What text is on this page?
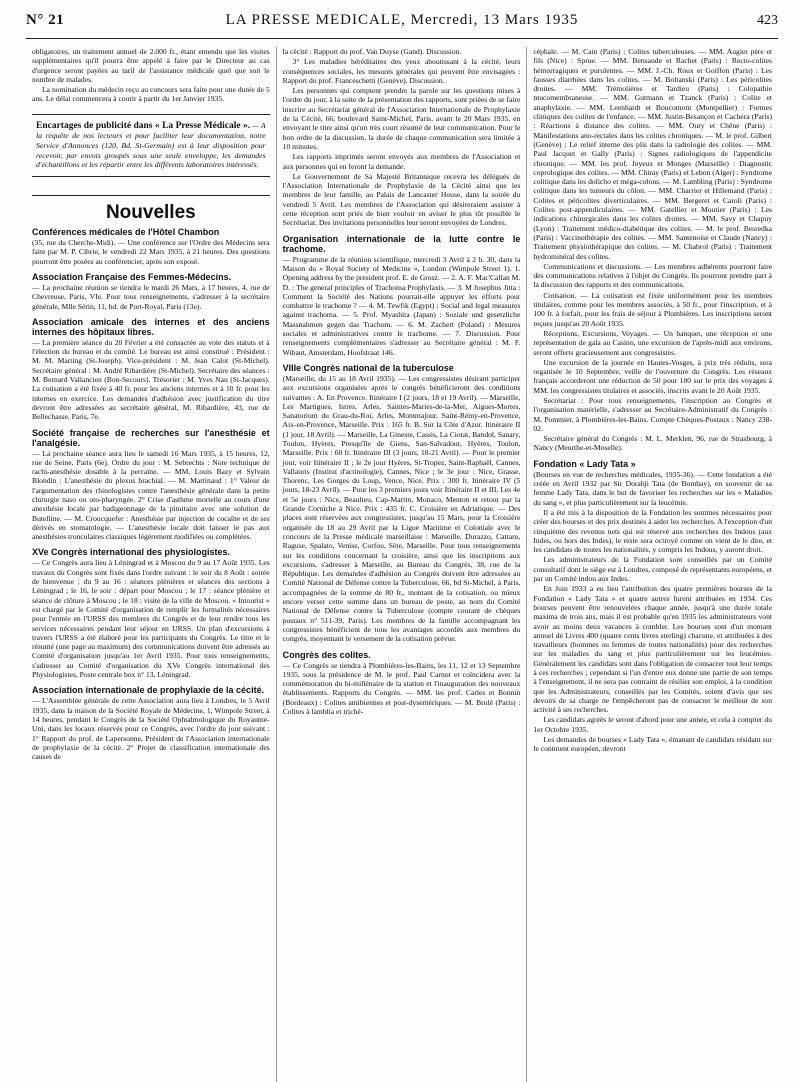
N° 21	LA PRESSE MEDICALE, Mercredi, 13 Mars 1935	423

obligatoires, un traitement annuel de 2.000 fr., étant entendu que les visites supplémentaires qu'il pourra être appelé à faire par le Directeur au cas d'urgence seront payées au tarif de l'assistance médicale quel que soit le nombre de malades.

La nomination du médecin reçu au concours sera faite pour une durée de 5 ans. Le délai commencera à courir à partir du 1er Janvier 1935.

Encartages de publicité dans « La Presse Médicale ». — A la requête de nos lecteurs et pour faciliter leur documentation, notre Service d'Annonces (120, Bd. St-Germain) est à leur disposition pour recevoir, par envois groupés sous une seule enveloppe, les demandes d'échantillons et les répartir entre les différents laboratoires intéressés.
Nouvelles
Conférences médicales de l'Hôtel Chambon

(35, rue du Cherche-Midi). — Une conférence sur l'Ordre des Médecins sera faite par M. P. Cibrie, le vendredi 22 Mars 1935, à 21 heures. Des questions pourront être posées au conférencier, après son exposé.

Association Française des Femmes-Médecins.

— La prochaine réunion se tiendra le mardi 26 Mars, à 17 heures, 4, rue de Chevreuse, Paris, VIe. Pour tous renseignements, s'adresser à la secrétaire générale, Mlle Sérin, 11, bd. de Port-Royal, Paris (13e).

Association amicale des internes et des anciens internes des hôpitaux libres.

— La première séance du 20 Février a été consacrée au vote des statuts et à l'élection du bureau et du comité. Le bureau est ainsi constitué : Président : M. M. Marting (St-Joseph). Vice-président : M. Jean Calot (St-Michel). Secrétaire général : M. André Ribardière (St-Michel). Secrétaire des séances : M. Bernard Vallancien (Bon-Secours). Trésorier : M. Yves Nau (St-Jacques). La cotisation a été fixée à 40 fr. pour les anciens internes et à 10 fr. pour les internes en exercice. Les demandes d'adhésion avec justification du titre devront être adressées au secrétaire général, M. Ribardière, 43, rue de Bellechasse, Paris, 7e.

Société française de recherches sur l'anesthésie et l'analgésie.

— La prochaine séance aura lieu le samedi 16 Mars 1935, à 15 heures, 12, rue de Seine, Paris (6e). Ordre du jour : M. Sebrechts : Note technique de rachi-anesthésie dosable à la percaïne. — MM. Louis Bazy et Sylvain Blondin : L'anesthésie du plexus brachial. — M. Martinaud : 1° Valeur de l'argumentation des rhinologistes contre l'anesthésie générale dans la petite chirurgie naso ou oto-pharyngée. 2° Crise d'asthme mortelle au cours d'une anesthésie locale par badigeonnage de la pituitaire avec une solution de Butelline. — M. Croucquefer : Anesthésie par injection de cocaïne et de ses dérivés en stomatologie. — L'anesthésie locale doit laisser le pas aux anesthésies tronculaires classiques légèrement modifiées ou complétées.

XVe Congrès international des physiologistes.

— Ce Congrès aura lieu à Léningrad et à Moscou du 9 au 17 Août 1935. Les travaux du Congrès sont fixés dans l'ordre suivant : le soir du 8 Août : soirée de bienvenue ; du 9 au 16 : séances plénières et séances des sections à Léningrad ; le 16, le soir : départ pour Moscou ; le 17 : séance plénière et séance de clôture à Moscou ; le 18 : visite de la ville de Moscou. « Intourist » est chargé par le Comité d'organisation de remplir les formalités nécessaires pour l'entrée en l'URSS des membres du Congrès et de leur rendre tous les services nécessaires pendant leur séjour en URSS. Un plan d'excursions à travers l'URSS a été élaboré pour les participants du Congrès. Le titre et le résumé (une page au maximum) des communications doivent être adressés au Comité d'organisation jusqu'au 1er Avril 1935. Pour tous renseignements, s'adresser au Comité d'organisation du XVe Congrès international des Physiologistes, Poste centrale box n° 13, Léningrad.

Association internationale de prophylaxie de la cécité.

— L'Assemblée générale de cette Association aura lieu à Londres, le 5 Avril 1935, dans la maison de la Société Royale de Médecine, 1, Wimpole Street, à 14 heures, pendant le Congrès de la Société Ophtalmologique du Royaume-Uni, dans les locaux réservés pour ce Congrès, avec l'ordre du jour suivant : 1° Rapport du prof. de Lapersonne, Président de l'Association internationale de prophylaxie de la cécité. 2° Projet de classification internationale des causes de

la cécité : Rapport du prof. Van Duyse (Gand). Discussion.

3° Les maladies héréditaires des yeux aboutissant à la cécité, leurs conséquences sociales, les mesures générales qui peuvent être envisagées : Rapport du prof. Franceschetti (Genève). Discussion.

Les personnes qui comptent prendre la parole sur les questions mises à l'ordre du jour, à la suite de la présentation des rapports, sont priées de se faire inscrire au Secrétariat général de l'Association Internationale de Prophylaxie de la Cécité, 66, boulevard Saint-Michel, Paris, avant le 20 Mars 1935, en envoyant le titre ainsi qu'un très court résumé de leur communication. Pour le bon ordre de la discussion, la durée de chaque communication sera limitée à 10 minutes.

Les rapports imprimés seront envoyés aux membres de l'Association et aux personnes qui en feront la demande.

Le Gouvernement de Sa Majesté Britannique recevra les délégués de l'Association Internationale de Prophylaxie de la Cécité ainsi que les membres de leur famille, au Palais de Lancaster House, dans la soirée du vendredi 5 Avril. Les membres de l'Association qui désireraient assister à cette réception sont priés de bien vouloir en aviser le plus tôt possible le Secrétariat. Des invitations personnelles leur seront envoyées de Londres.

Organisation internationale de la lutte contre le trachome.

— Programme de la réunion scientifique, mercredi 3 Avril à 2 h. 30, dans la Maison du « Royal Society of Medicine », London (Wimpole Street 1). 1. Opening address by the president prof. E. de Grosz. — 2. A. F. Mac'Callan M. D. : The general principles of Trachoma Prophylaxis. — 3. M Josephus Jitta : Comment la Société des Nations pourrait-elle appuyer les efforts pour combattre le trachome ? — 4. M. Tewfik (Egypt) : Social and legal measures against trachoma. — 5. Prof. Myashita (Japan) : Soziale und gesetzliche Massnahmen gegen das Trachom. — 6. M. Zachert (Poland) : Mesures sociales et administratives contre le trachome. — 7. Discussion. Pour renseignements complémentaires s'adresser au Secrétaire général : M. F. Wibaut, Amsterdam, Hoofstraat 146.

VIIIe Congrès national de la tuberculose

(Marseille, du 15 au 18 Avril 1935). — Les congressistes désirant participer aux excursions organisées après le congrès bénéficieront des conditions suivantes : A. En Provence. Itinéraire I (2 jours, 18 et 19 Avril). — Marseille, Les Martigues, Istres, Arles, Saintes-Maries-de-la-Mer, Aigues-Mortes, Sanatorium du Grau-du-Roi, Arles, Montmajour, Saint-Rémy-en-Provence, Aix-en-Provence, Marseille. Prix : 165 fr. B. Sur la Côte d'Azur. Itinéraire II (1 jour, 18 Avril). — Marseille, La Gineste, Cassis, La Ciotat, Bandol, Sanary, Toulon, Hyères, Presqu'île de Giens, San-Salvadour, Hyères, Toulon, Marseille. Prix : 60 fr. Itinéraire III (3 jours, 18-21 Avril). — Pour le premier jour, voir Itinéraire II ; le 2e jour Hyères, St-Tropez, Saint-Raphaël, Cannes, Vallauris (Institut d'actinologie), Cannes, Nice ; le 3e jour : Nice, Grasse, Thorenc, Les Gorges du Loup, Vence, Nice. Prix : 300 fr. Itinéraire IV (5 jours, 18-23 Avril). — Pour les 3 premiers jours voir Itinéraire II et III. Les 4e et 5e jours : Nice, Beaulieu, Cap-Martin, Monaco, Menton et retour par la Grande Corniche à Nice. Prix : 435 fr. C. Croisière en Adriatique. — Des places sont réservées aux congressistes, jusqu'au 15 Mars, pour la Croisière organisée du 18 au 29 Avril par la Ligue Maritime et Coloniale avec le concours de la Presse médicale marseillaise : Marseille, Durazzo, Cattaro, Raguse, Spalato, Venise, Corfou, Sète, Marseille. Pour tous renseignements sur les conditions concernant la croisière, ainsi que les inscriptions aux excursions, s'adresser à Marseille, au Bureau du Congrès, 38, rue de la République. Les demandes d'adhésion au Congrès doivent être adressées au Comité National de Défense contre la Tuberculose, 66, bd St-Michel, à Paris, accompagnées de la somme de 80 fr., montant de la cotisation, ou mieux encore verser cette somme dans un bureau de poste, au nom du Comité National de Défense contre la Tuberculose (compte courant de chèques postaux n° 511-39, Paris). Les membres de la famille accompagnant les congressistes bénéficient de tous les avantages accordés aux membres du congrès, moyennant le versement de la cotisation prévue.

Congrès des colites.

— Ce Congrès se tiendra à Plombières-les-Bains, les 11, 12 et 13 Septembre 1935, sous la présidence de M. le prof. Paul Carnot et coïncidera avec la commémoration du bi-millénaire de la station et l'inauguration des nouveaux établissements. Rapports du Congrès. — MM. les prof. Carles et Bonnin (Bordeaux) : Colites amibiennes et post-dysentériques. — M. Brulé (Paris) : Colites à lamblia et triché-

céphale. — M. Cain (Paris) : Colites tuberculeuses. — MM. Augier père et fils (Nice) : Sprue. — MM. Bensaude et Rachet (Paris) : Recto-colites hémorragiques et purulentes. — MM. J.-Ch. Roux et Goiffon (Paris) : Les fausses diarrhées dans les colites. — M. Boltanski (Paris) : Les péricolites droites. — MM. Trémolières et Tardieu (Paris) : Colopathie mucomembraneuse. — MM. Gutmann et Tzanck (Paris) : Colite et anaphylaxie. — MM. Leenhardt et Boucomont (Montpellier) : Formes cliniques des colites de l'enfance. — MM. Justin-Besançon et Cachera (Paris) : Réactions à distance des colites. — MM. Oury et Chêne (Paris) : Manifestations ano-rectales dans les colites chroniques. — M. le prof. Gilbert (Genève) : Le relief interne des plis dans la radiologie des colites. — MM. Paul Jacquet et Gally (Paris) : Signes radiologiques de l'appendicite chronique. — MM. les prof. Joyeux et Monges (Marseille) : Diagnostic coprologique des colites. — MM. Chiray (Paris) et Lebon (Alger) : Syndrome colitique dans les dolicho et méga-colons. — M. Lambling (Paris) : Syndrome colitique dans les tumeurs du côlon. — MM. Charrier et Hillemand (Paris) : Colites et péricolites diverticulaires. — MM. Bergeret et Caroli (Paris) : Colites post-appendiculaires. — MM. Gatellier et Moutier (Paris) : Les indications chirurgicales dans les colites droites. — MM. Savy et Chapuy (Lyon) : Traitement médico-diabétique des colites. — M. le prof. Besredka (Paris) : Vaccinothérapie des colites. — MM. Santenoise et Claude (Nancy) : Traitement physiothérapique des colites. — M. Chabrol (Paris) : Traitement hydrominéral des colites.

Communications et discussions. — Les membres adhérents pourront faire des communications relatives à l'objet du Congrès. Ils pourront prendre part à la discussion des rapports et des communications.

Cotisation. — La cotisation est fixée uniformément pour les membres titulaires, comme pour les membres associés, à 50 fr., pour l'inscription, et à 100 fr. à forfait, pour les frais de séjour à Plombières. Les inscriptions seront reçues jusqu'au 20 Août 1935.

Réceptions, Excursions, Voyages. — Un banquet, une réception et une représentation de gala au Casino, une excursion de l'après-midi aux environs, seront offerts gracieusement aux congressistes.

Une excursion de la journée en Hautes-Vosges, à prix très réduits, sera organisée le 10 Septembre, veille de l'ouverture du Congrès. Les réseaux français accorderont une réduction de 50 pour 100 sur le prix des voyages à MM. les congressistes titulaires et associés, inscrits avant le 20 Août 1935.

Secrétariat : Pour tous renseignements, l'inscription au Congrès et l'organisation matérielle, s'adresser au Secrétaire-Administratif du Congrès : M. Pommier, à Plombières-les-Bains. Compte Chèques-Postaux : Nancy 238-02.

Secrétaire général du Congrès : M. L. Merklen, 96, rue de Strasbourg, à Nancy (Meurthe-et-Moselle).

Fondation « Lady Tata »

(Bourses en vue de recherches médicales, 1935-36). — Cette fondation a été créée en Avril 1932 par Sir Dorabji Tata (de Bombay), en souvenir de sa femme Lady Tata, dans le but de favoriser les recherches sur les « Maladies du sang », et plus particulièrement sur la leucémie.

Il a été mis à la disposition de la Fondation les sommes nécessaires pour créer des bourses et des prix destinés à aider les recherches. A l'exception d'un cinquième des revenus nets qui est réservé aux recherches des Indous (aux Indes, ou hors des Indes), le reste sera octroyé comme on vient de le dire, et les candidats de toutes les nationalités, y compris les Indous, y auront droit.

Les administrateurs de la Fondation sont conseillés par un Comité consultatif dont le siège est à Londres, composé de représentants européens, et par un Comité indou aux Indes.

En Juin 1933 a eu lieu l'attribution des quatre premières bourses de la Fondation « Lady Tata » et quatre autres furent attribuées en 1934. Ces bourses peuvent être renouvelées chaque année, jusqu'à une durée totale maxima de trois ans, mais il est probable qu'en 1935 les administrateurs vont avoir au moins deux vacances à combler. Les bourses sont d'un montant annuel de Livres 400 (quatre cents livres sterling) chacune, et attribuées à des travailleurs (hommes ou femmes de toutes nationalités) pour des recherches sur les maladies du sang et plus particulièrement sur les leucémies. Généralement les candidats sont dans l'obligation de consacrer tout leur temps à ces recherches ; cependant si l'un d'entre eux donne une partie de son temps à l'enseignement, il ne sera pas contraint de résilier son emploi, à la condition que les Administrateurs, conseillés par les Comités, soient d'avis que ses devoirs de sa charge ne l'empêcheront pas de consacrer le meilleur de son activité à ses recherches.

Les candidats agréés le seront d'abord pour une année, et cela à compter du 1er Octobre 1935.

Les demandes de bourses « Lady Tata », émanant de candidats résidant sur le continent européen, devront
